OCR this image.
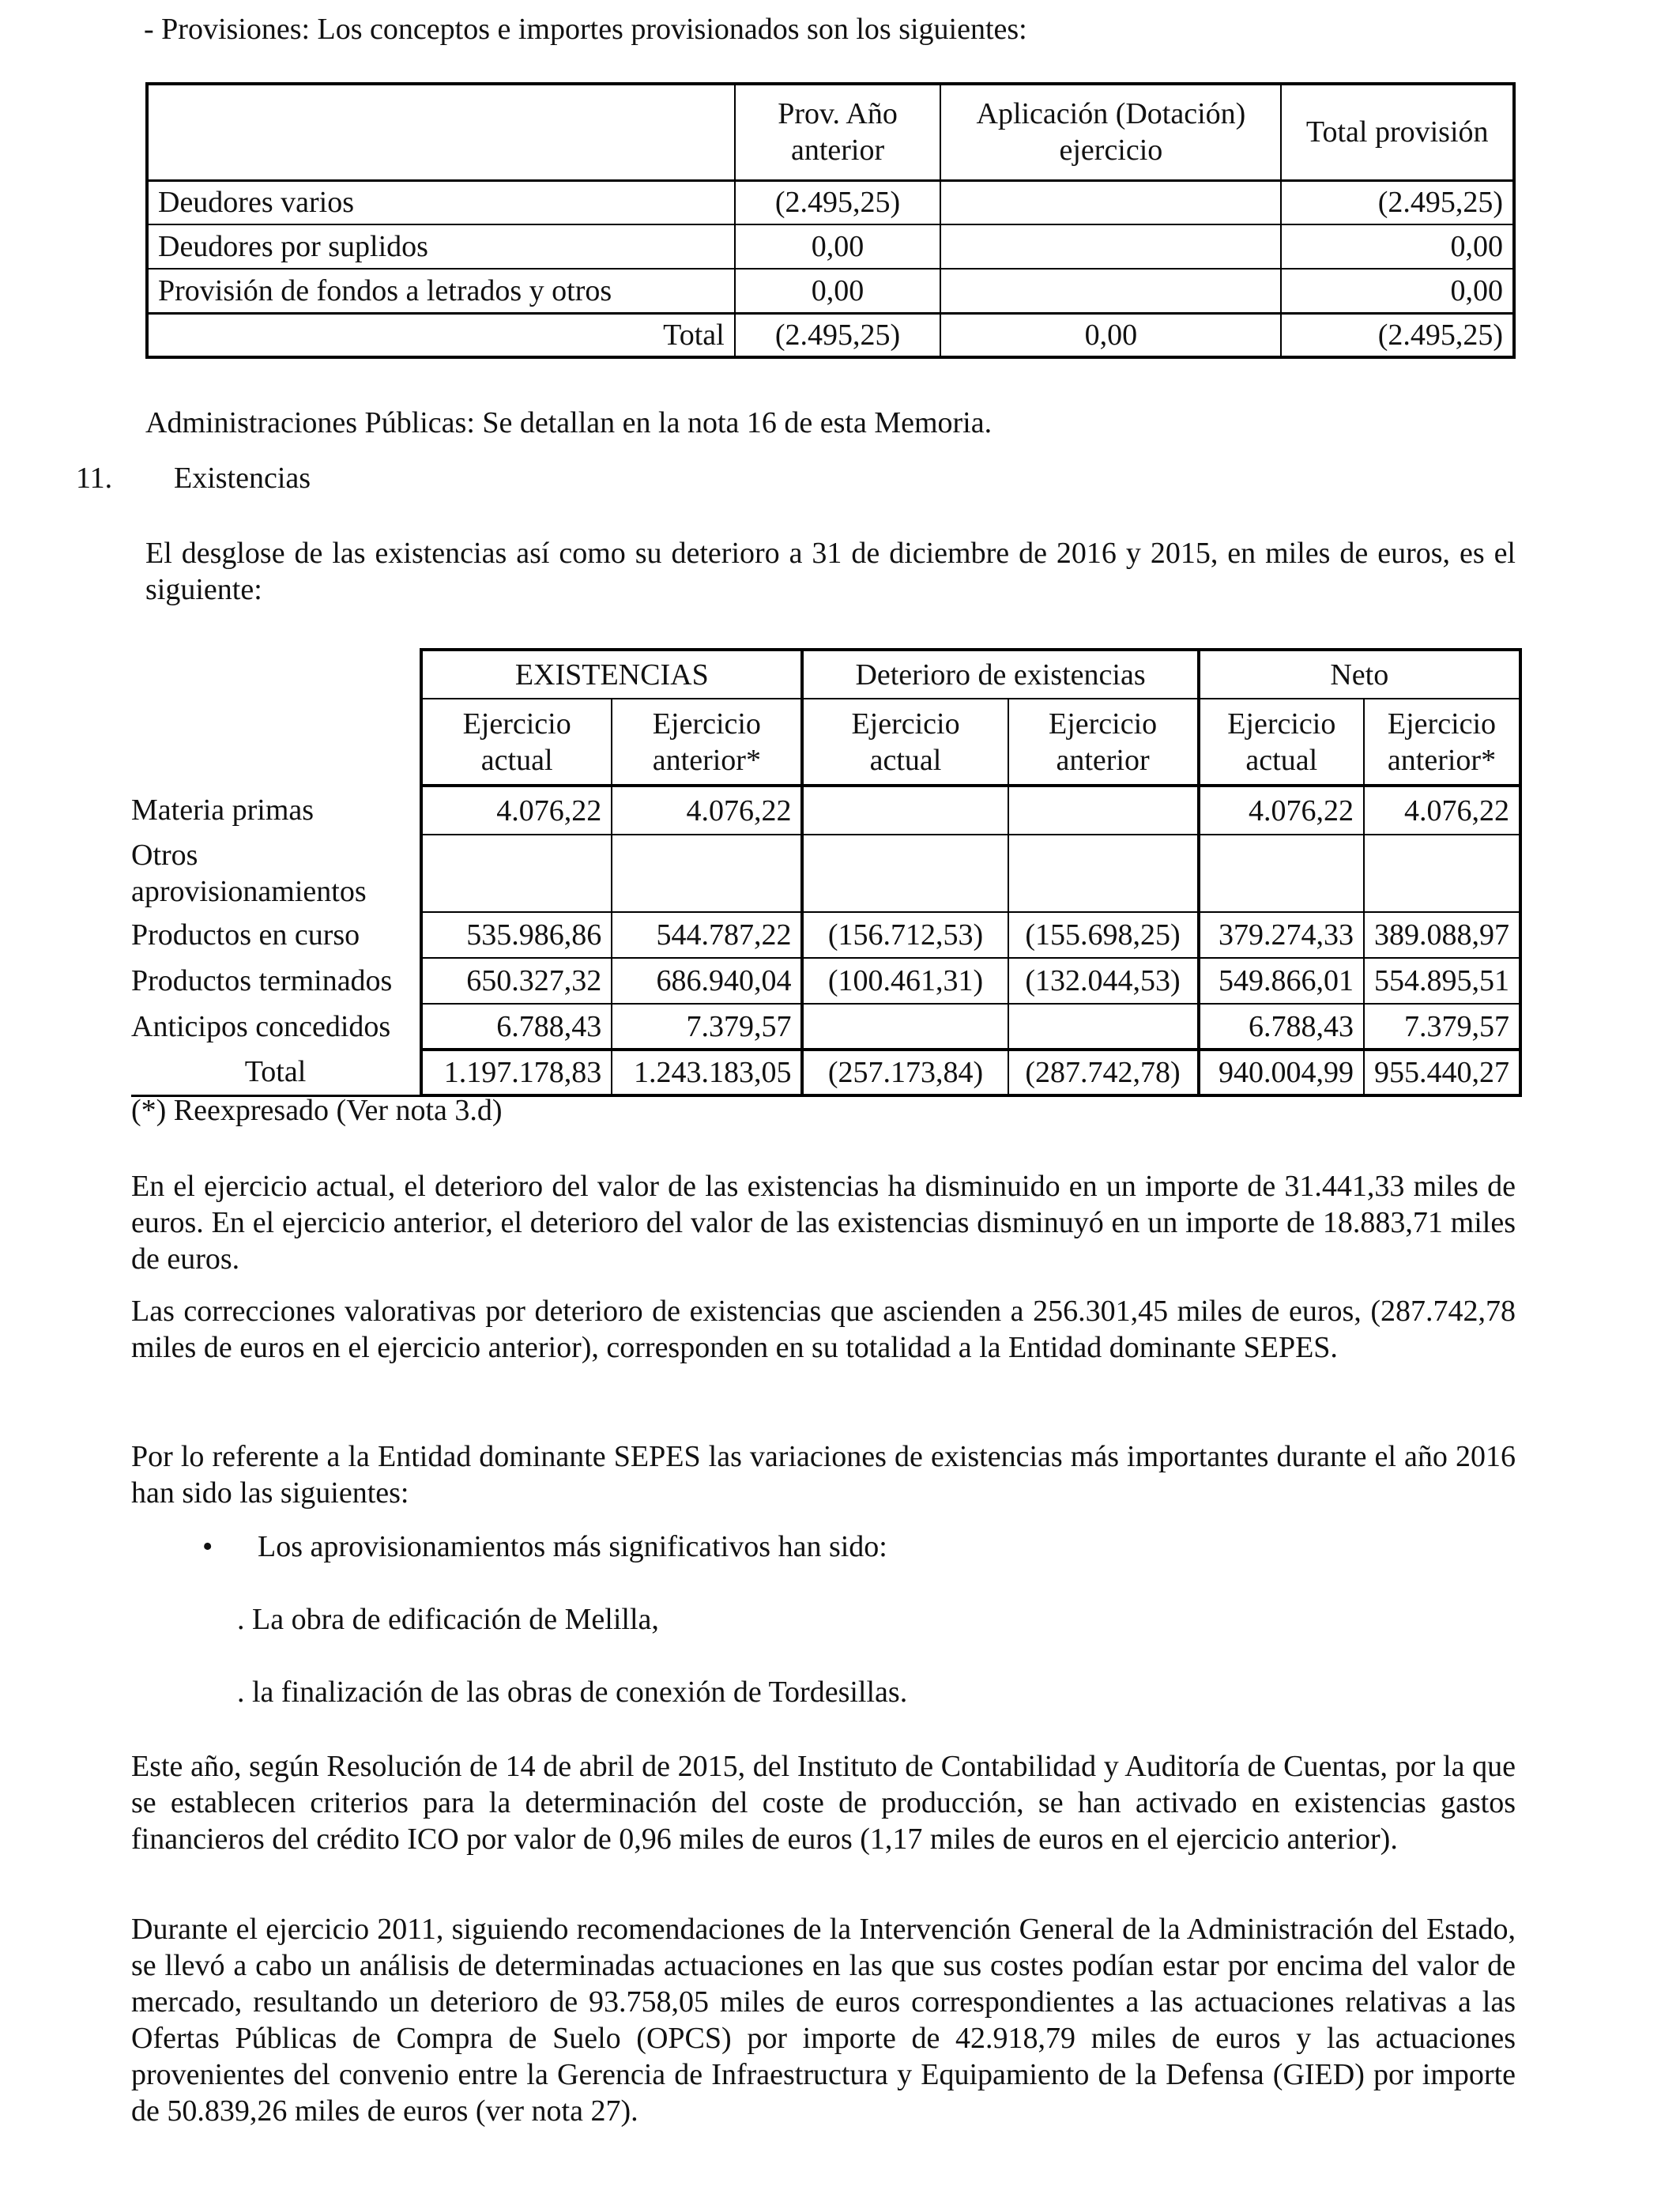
- Provisiones: Los conceptos e importes provisionados son los siguientes:

	Prov. Año anterior	Aplicación (Dotación) ejercicio	Total provisión
Deudores varios	(2.495,25)		(2.495,25)
Deudores por suplidos	0,00		0,00
Provisión de fondos a letrados y otros	0,00		0,00
Total	(2.495,25)	0,00	(2.495,25)

Administraciones Públicas: Se detallan en la nota 16 de esta Memoria.

11. Existencias

El desglose de las existencias así como su deterioro a 31 de diciembre de 2016 y 2015, en miles de euros, es el siguiente:

	EXISTENCIAS		Deterioro de existencias		Neto	
	Ejercicio actual	Ejercicio anterior*	Ejercicio actual	Ejercicio anterior	Ejercicio actual	Ejercicio anterior*
Materia primas	4.076,22	4.076,22			4.076,22	4.076,22
Otros aprovisionamientos						
Productos en curso	535.986,86	544.787,22	(156.712,53)	(155.698,25)	379.274,33	389.088,97
Productos terminados	650.327,32	686.940,04	(100.461,31)	(132.044,53)	549.866,01	554.895,51
Anticipos concedidos	6.788,43	7.379,57			6.788,43	7.379,57
Total	1.197.178,83	1.243.183,05	(257.173,84)	(287.742,78)	940.004,99	955.440,27

(*) Reexpresado (Ver nota 3.d)

En el ejercicio actual, el deterioro del valor de las existencias ha disminuido en un importe de 31.441,33 miles de euros. En el ejercicio anterior, el deterioro del valor de las existencias disminuyó en un importe de 18.883,71 miles de euros.

Las correcciones valorativas por deterioro de existencias que ascienden a 256.301,45 miles de euros, (287.742,78 miles de euros en el ejercicio anterior), corresponden en su totalidad a la Entidad dominante SEPES.

Por lo referente a la Entidad dominante SEPES las variaciones de existencias más importantes durante el año 2016 han sido las siguientes:

• Los aprovisionamientos más significativos han sido:

. La obra de edificación de Melilla,

. la finalización de las obras de conexión de Tordesillas.

Este año, según Resolución de 14 de abril de 2015, del Instituto de Contabilidad y Auditoría de Cuentas, por la que se establecen criterios para la determinación del coste de producción, se han activado en existencias gastos financieros del crédito ICO por valor de 0,96 miles de euros (1,17 miles de euros en el ejercicio anterior).

Durante el ejercicio 2011, siguiendo recomendaciones de la Intervención General de la Administración del Estado, se llevó a cabo un análisis de determinadas actuaciones en las que sus costes podían estar por encima del valor de mercado, resultando un deterioro de 93.758,05 miles de euros correspondientes a las actuaciones relativas a las Ofertas Públicas de Compra de Suelo (OPCS) por importe de 42.918,79 miles de euros y las actuaciones provenientes del convenio entre la Gerencia de Infraestructura y Equipamiento de la Defensa (GIED) por importe de 50.839,26 miles de euros (ver nota 27).
